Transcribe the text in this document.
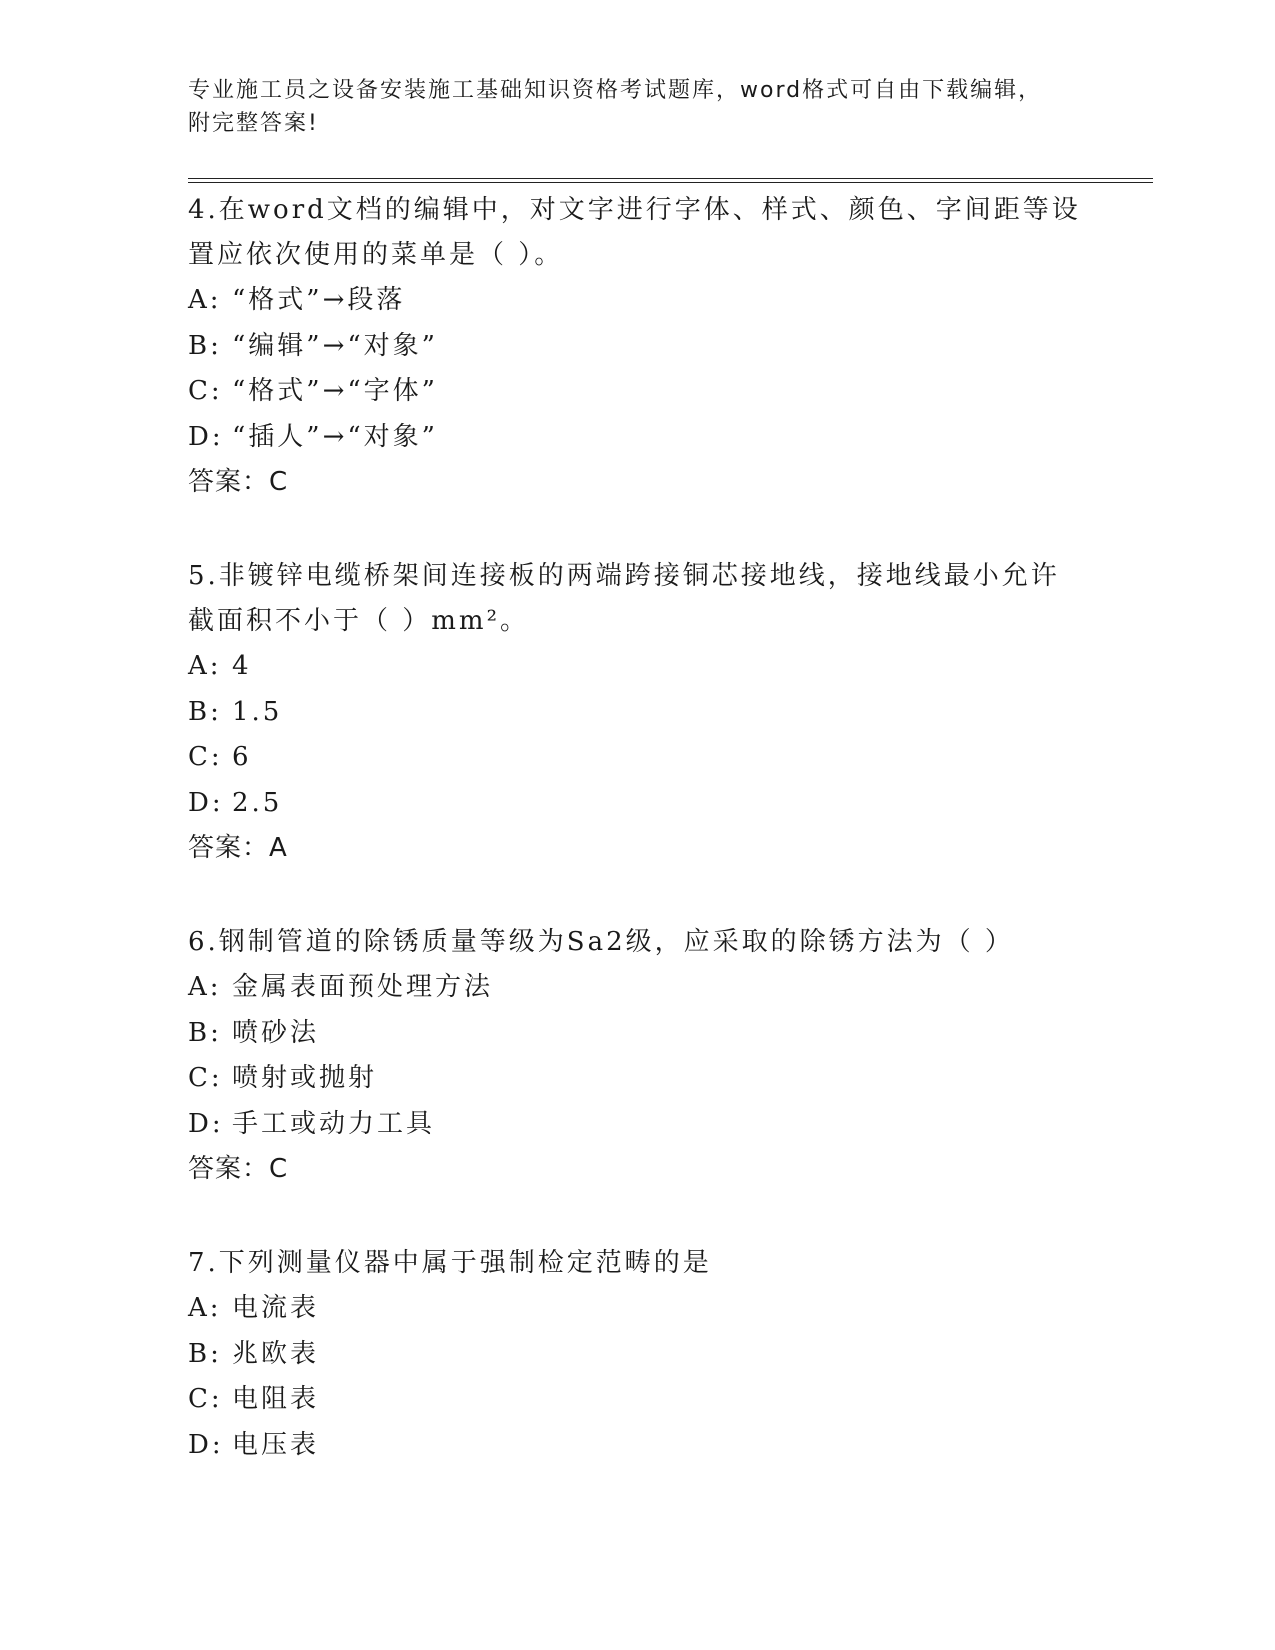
专业施工员之设备安装施工基础知识资格考试题库，word格式可自由下载编辑，
附完整答案!
4.在word文档的编辑中，对文字进行字体、样式、颜色、字间距等设置应依次使用的菜单是（ ）。
A: “格式”→段落
B: “编辑”→“对象”
C: “格式”→“字体”
D: “插人”→“对象”
答案：C
5.非镀锌电缆桥架间连接板的两端跨接铜芯接地线，接地线最小允许截面积不小于（ ）mm²。
A: 4
B: 1.5
C: 6
D: 2.5
答案：A
6.钢制管道的除锈质量等级为Sa2级，应采取的除锈方法为（ ）
A: 金属表面预处理方法
B: 喷砂法
C: 喷射或抛射
D: 手工或动力工具
答案：C
7.下列测量仪器中属于强制检定范畴的是
A: 电流表
B: 兆欧表
C: 电阻表
D: 电压表
